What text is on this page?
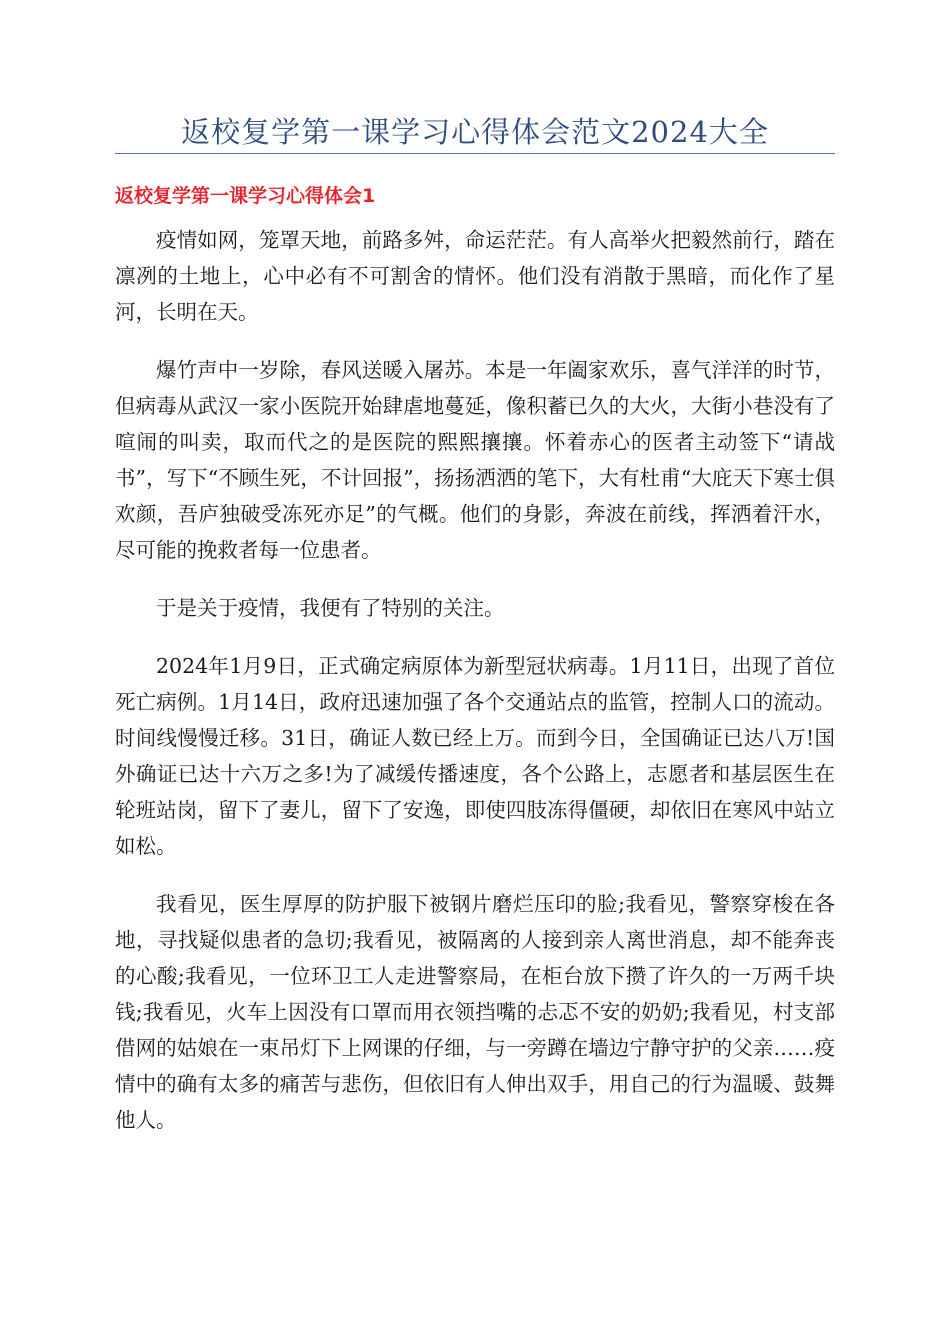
返校复学第一课学习心得体会范文2024大全
返校复学第一课学习心得体会1

疫情如网，笼罩天地，前路多舛，命运茫茫。有人高举火把毅然前行，踏在凛冽的土地上，心中必有不可割舍的情怀。他们没有消散于黑暗，而化作了星河，长明在天。

爆竹声中一岁除，春风送暖入屠苏。本是一年阖家欢乐，喜气洋洋的时节，但病毒从武汉一家小医院开始肆虐地蔓延，像积蓄已久的大火，大街小巷没有了喧闹的叫卖，取而代之的是医院的熙熙攘攘。怀着赤心的医者主动签下“请战书”，写下“不顾生死，不计回报”，扬扬洒洒的笔下，大有杜甫“大庇天下寒士俱欢颜，吾庐独破受冻死亦足”的气概。他们的身影，奔波在前线，挥洒着汗水，尽可能的挽救者每一位患者。

于是关于疫情，我便有了特别的关注。

2024年1月9日，正式确定病原体为新型冠状病毒。1月11日，出现了首位死亡病例。1月14日，政府迅速加强了各个交通站点的监管，控制人口的流动。时间线慢慢迁移。31日，确证人数已经上万。而到今日，全国确证已达八万!国外确证已达十六万之多!为了减缓传播速度，各个公路上，志愿者和基层医生在轮班站岗，留下了妻儿，留下了安逸，即使四肢冻得僵硬，却依旧在寒风中站立如松。

我看见，医生厚厚的防护服下被钢片磨烂压印的脸;我看见，警察穿梭在各地，寻找疑似患者的急切;我看见，被隔离的人接到亲人离世消息，却不能奔丧的心酸;我看见，一位环卫工人走进警察局，在柜台放下攒了许久的一万两千块钱;我看见，火车上因没有口罩而用衣领挡嘴的忐忑不安的奶奶;我看见，村支部借网的姑娘在一束吊灯下上网课的仔细，与一旁蹲在墙边宁静守护的父亲……疫情中的确有太多的痛苦与悲伤，但依旧有人伸出双手，用自己的行为温暖、鼓舞他人。
